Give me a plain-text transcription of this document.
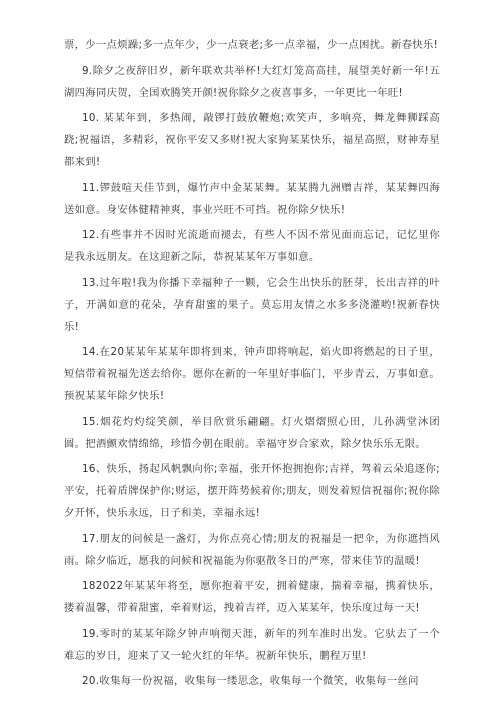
票，少一点烦躁;多一点年少，少一点衰老;多一点幸福，少一点困扰。新春快乐!

9.除夕之夜辞旧岁，新年联欢共举杯!大红灯笼高高挂，展望美好新一年!五湖四海同庆贺，全国欢腾笑开颜!祝你除夕之夜喜事多，一年更比一年旺!

10. 某某年到，多热闹，敲锣打鼓放鞭炮;欢笑声，多响亮，舞龙舞狮踩高跷;祝福语，多精彩，祝你平安又多财!祝大家狗某某快乐，福星高照，财神寿星都来到!

11.锣鼓喧天佳节到，爆竹声中金某某舞。某某腾九洲赠吉祥，某某舞四海送如意。身安体健精神爽，事业兴旺不可挡。祝你除夕快乐!

12.有些事并不因时光流逝而褪去，有些人不因不常见面而忘记，记忆里你是我永远朋友。在这迎新之际，恭祝某某年万事如意。

13.过年啦!我为你播下幸福种子一颗，它会生出快乐的胚芽，长出吉祥的叶子，开满如意的花朵，孕育甜蜜的果子。莫忘用友情之水多多浇灌哟!祝新春快乐!

14.在20某某年某某年即将到来，钟声即将响起，焰火即将燃起的日子里，短信带着祝福先送去给你。愿你在新的一年里好事临门，平步青云，万事如意。预祝某某年除夕快乐!

15.烟花灼灼绽笑颜，举目欣赏乐翩翩。灯火熠熠照心田，儿孙满堂沐团圆。把酒颤欢情绵绵，珍惜今朝在眼前。幸福守岁合家欢，除夕快乐乐无限。

16、快乐，扬起风帆飘向你;幸福，张开怀抱拥抱你;吉祥，驾着云朵追逐你;平安，托着盾牌保护你;财运，摆开阵势候着你;朋友，则发着短信祝福你;祝你除夕开怀，快乐永远，日子和美，幸福永远!

17.朋友的问候是一盏灯，为你点亮心情;朋友的祝福是一把伞，为你遮挡风雨。除夕临近，愿我的问候和祝福能为你驱散冬日的严寒，带来佳节的温暖!

182022年某某年将至，愿你抱着平安，拥着健康，揣着幸福，携着快乐，搂着温馨，带着甜蜜，牵着财运，拽着吉祥，迈入某某年，快乐度过每一天!

19.零时的某某年除夕钟声响彻天涯，新年的列车准时出发。它驮去了一个难忘的岁日，迎来了又一轮火红的年华。祝新年快乐，鹏程万里!

20.收集每一份祝福，收集每一缕思念，收集每一个微笑，收集每一丝问
